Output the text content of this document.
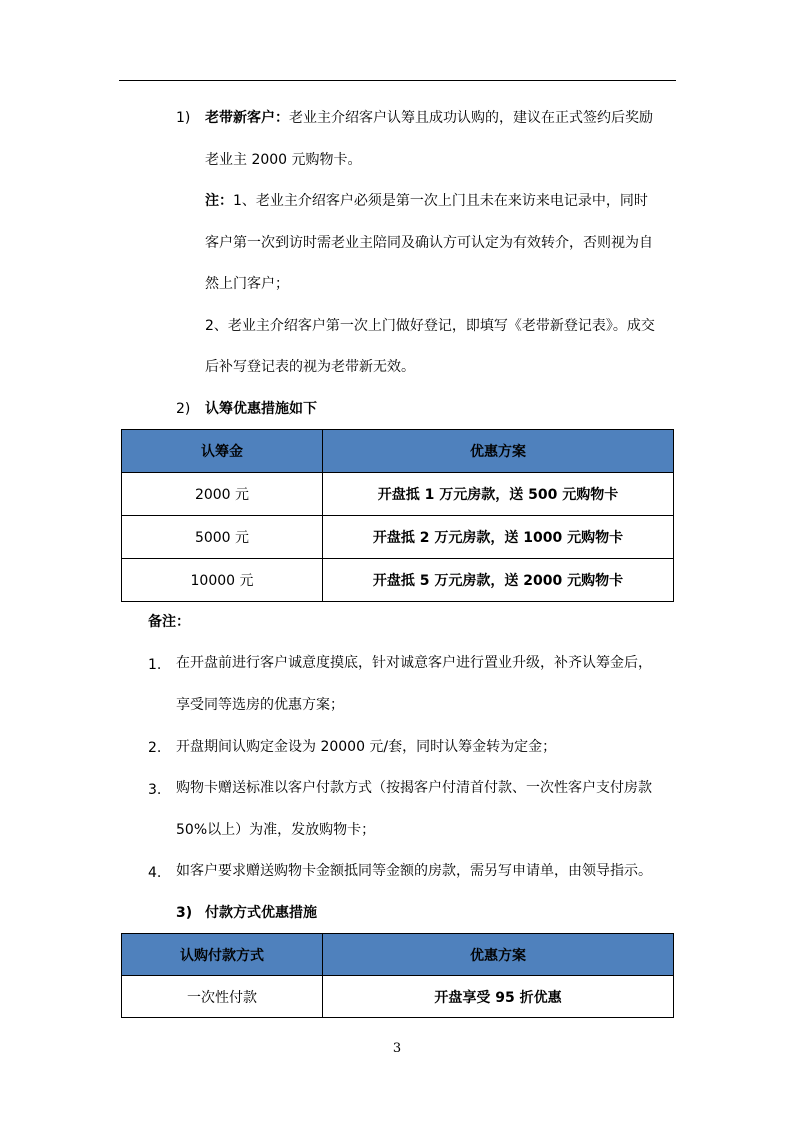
1) 老带新客户：老业主介绍客户认筹且成功认购的，建议在正式签约后奖励
老业主 2000 元购物卡。
注：1、老业主介绍客户必须是第一次上门且未在来访来电记录中，同时
客户第一次到访时需老业主陪同及确认方可认定为有效转介，否则视为自
然上门客户；
2、老业主介绍客户第一次上门做好登记，即填写《老带新登记表》。成交
后补写登记表的视为老带新无效。
2) 认筹优惠措施如下
认筹金	优惠方案
2000 元	开盘抵 1 万元房款，送 500 元购物卡
5000 元	开盘抵 2 万元房款，送 1000 元购物卡
10000 元	开盘抵 5 万元房款，送 2000 元购物卡
备注：
1. 在开盘前进行客户诚意度摸底，针对诚意客户进行置业升级，补齐认筹金后，
享受同等选房的优惠方案；
2. 开盘期间认购定金设为 20000 元/套，同时认筹金转为定金；
3. 购物卡赠送标准以客户付款方式（按揭客户付清首付款、一次性客户支付房款
50%以上）为准，发放购物卡；
4. 如客户要求赠送购物卡金额抵同等金额的房款，需另写申请单，由领导指示。
3) 付款方式优惠措施
认购付款方式	优惠方案
一次性付款	开盘享受 95 折优惠
3
